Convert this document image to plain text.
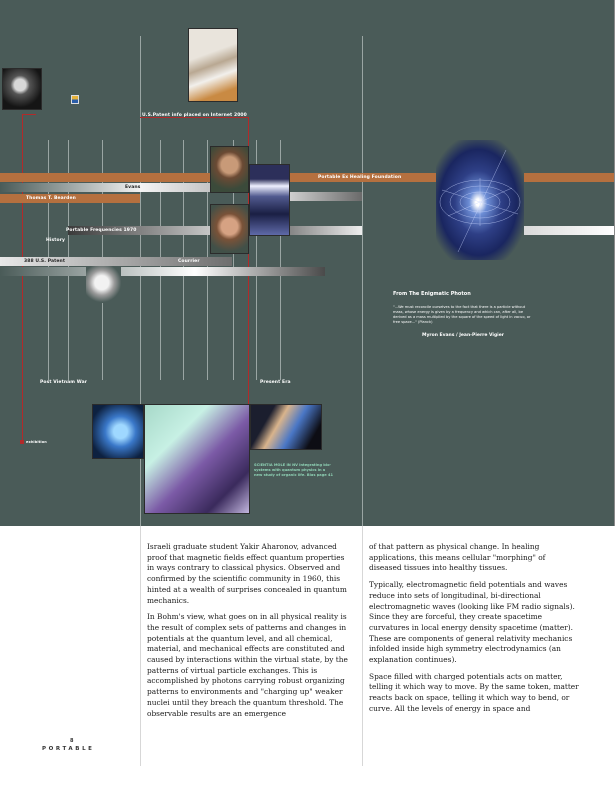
U.S.Patent info placed on Internet 2000
Portable Ex Healing Foundation
Evans
Thomas T. Bearden
Portable Frequencies 1970
History
388 U.S. Patent	Courrier
Post Vietnam War	Present Era
exhibition
From The Enigmatic Photon

"...We must reconcile ourselves to the fact that there is a particle without mass, whose energy is given by a frequency and which can, after all, be derived as a mass multiplied by the square of the speed of light in vacuo, or free space..." (Planck)

Myron Evans / Jean-Pierre Vigier
SCIENTIA MOLE IN NV Integrating bio-systems with quantum physics in a new study of organic life. Bias page 41

Israeli graduate student Yakir Aharonov, advanced proof that magnetic fields effect quantum properties in ways contrary to classical physics. Observed and confirmed by the scientific community in 1960, this hinted at a wealth of surprises concealed in quantum mechanics.

In Bohm's view, what goes on in all physical reality is the result of complex sets of patterns and changes in potentials at the quantum level, and all chemical, material, and mechanical effects are constituted and caused by interactions within the virtual state, by the patterns of virtual particle exchanges. This is accomplished by photons carrying robust organizing patterns to environments and "charging up" weaker nuclei until they breach the quantum threshold. The observable results are an emergence

of that pattern as physical change. In healing applications, this means cellular "morphing" of diseased tissues into healthy tissues.

Typically, electromagnetic field potentials and waves reduce into sets of longitudinal, bi-directional electromagnetic waves (looking like FM radio signals). Since they are forceful, they create spacetime curvatures in local energy density spacetime (matter). These are components of general relativity mechanics infolded inside high symmetry electrodynamics (an explanation continues).

Space filled with charged potentials acts on matter, telling it which way to move. By the same token, matter reacts back on space, telling it which way to bend, or curve. All the levels of energy in space and

8
PORTABLE
